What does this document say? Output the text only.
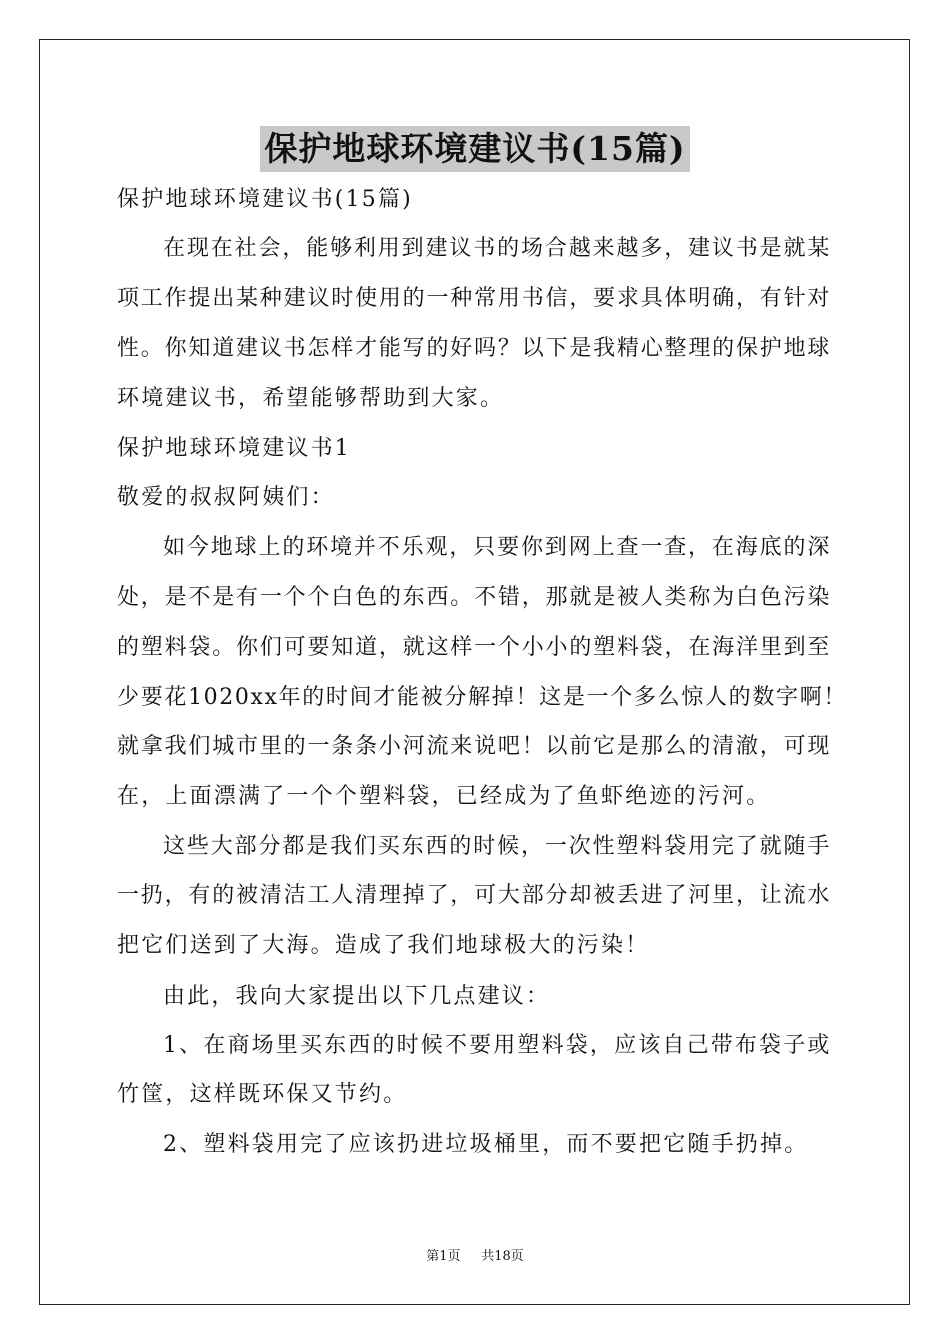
保护地球环境建议书(15篇)
保护地球环境建议书(15篇)
在现在社会，能够利用到建议书的场合越来越多，建议书是就某
项工作提出某种建议时使用的一种常用书信，要求具体明确，有针对
性。你知道建议书怎样才能写的好吗？以下是我精心整理的保护地球
环境建议书，希望能够帮助到大家。
保护地球环境建议书1
敬爱的叔叔阿姨们：
如今地球上的环境并不乐观，只要你到网上查一查，在海底的深
处，是不是有一个个白色的东西。不错，那就是被人类称为白色污染
的塑料袋。你们可要知道，就这样一个小小的塑料袋，在海洋里到至
少要花1020xx年的时间才能被分解掉！这是一个多么惊人的数字啊！
就拿我们城市里的一条条小河流来说吧！以前它是那么的清澈，可现
在，上面漂满了一个个塑料袋，已经成为了鱼虾绝迹的污河。
这些大部分都是我们买东西的时候，一次性塑料袋用完了就随手
一扔，有的被清洁工人清理掉了，可大部分却被丢进了河里，让流水
把它们送到了大海。造成了我们地球极大的污染！
由此，我向大家提出以下几点建议：
1、在商场里买东西的时候不要用塑料袋，应该自己带布袋子或
竹筐，这样既环保又节约。
2、塑料袋用完了应该扔进垃圾桶里，而不要把它随手扔掉。
第1页 共18页
